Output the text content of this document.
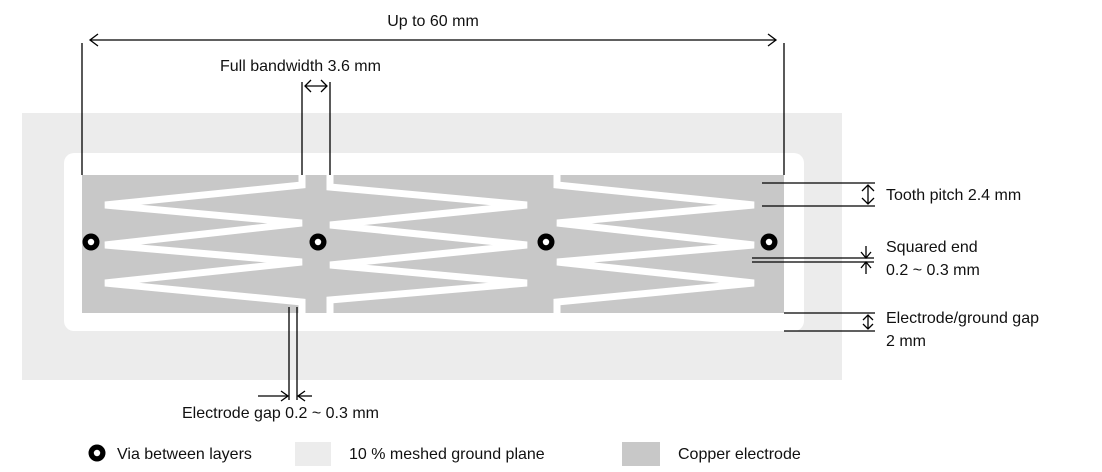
Up to 60 mm
Full bandwidth 3.6 mm
Tooth pitch 2.4 mm
Squared end
0.2 ~ 0.3 mm
Electrode/ground gap
2 mm
Electrode gap 0.2 ~ 0.3 mm
Via between layers	10 % meshed ground plane	Copper electrode
